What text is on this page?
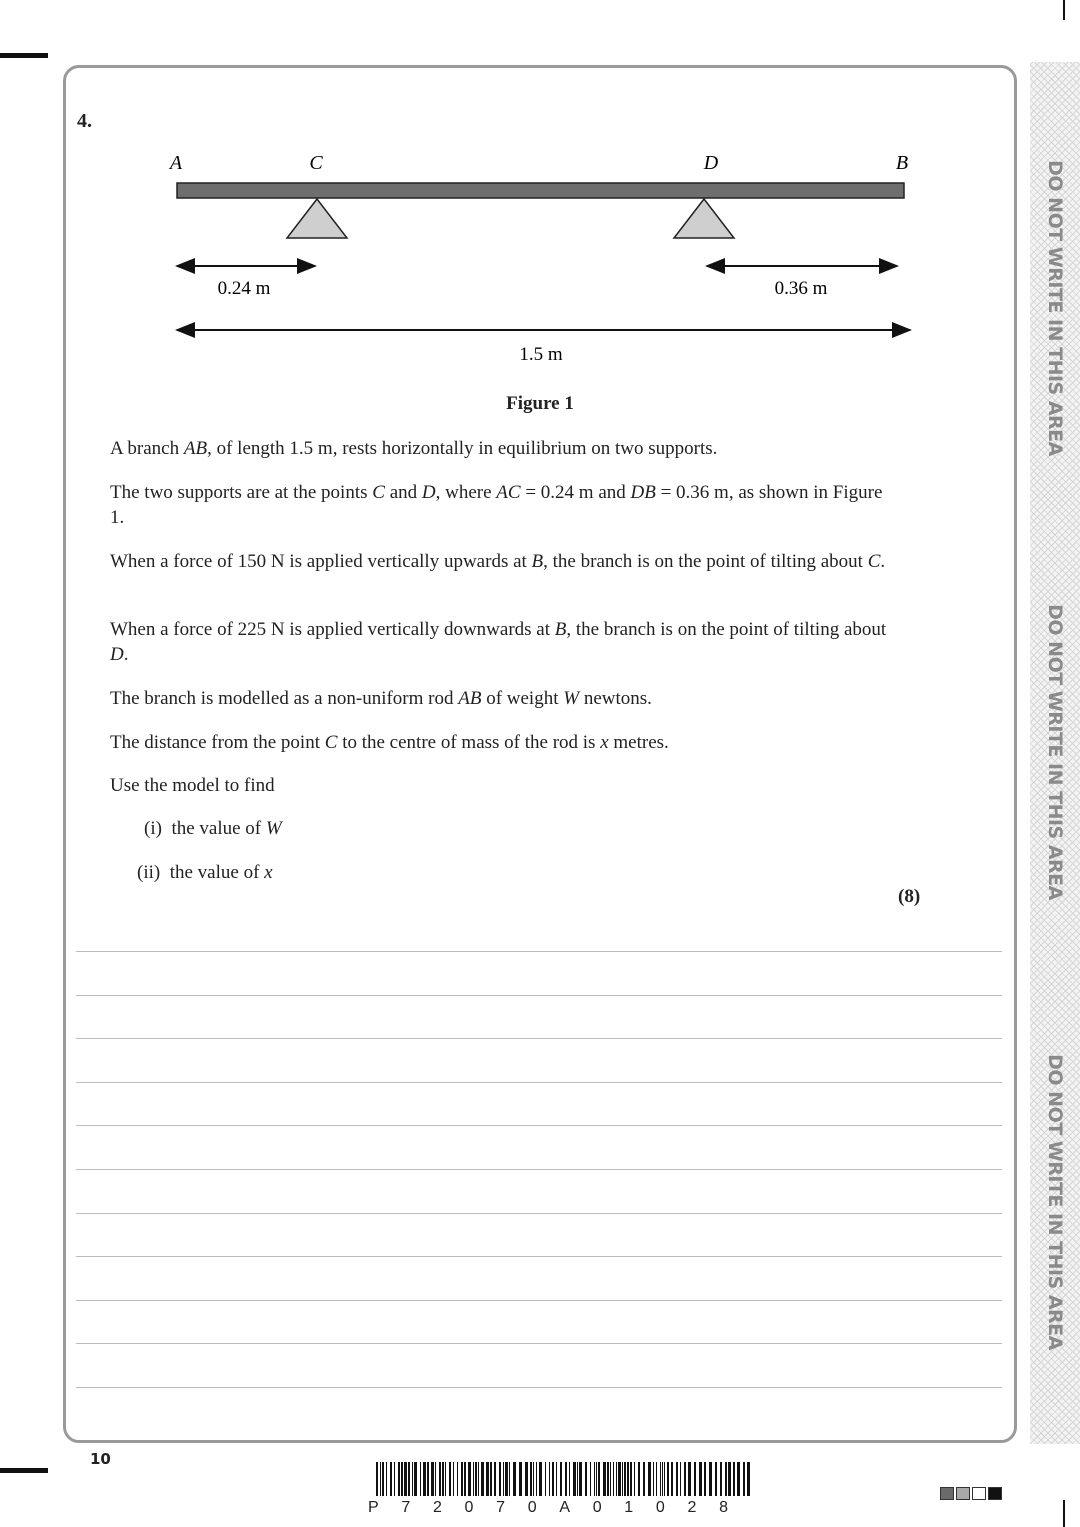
DO NOT WRITE IN THIS AREA
DO NOT WRITE IN THIS AREA
DO NOT WRITE IN THIS AREA
4.
A	C	D	B
0.24 m	0.36 m
1.5 m
Figure 1
A branch AB, of length 1.5 m, rests horizontally in equilibrium on two supports.
The two supports are at the points C and D, where AC = 0.24 m and DB = 0.36 m, as shown in Figure 1.
When a force of 150 N is applied vertically upwards at B, the branch is on the point of tilting about C.
When a force of 225 N is applied vertically downwards at B, the branch is on the point of tilting about D.
The branch is modelled as a non-uniform rod AB of weight W newtons.
The distance from the point C to the centre of mass of the rod is x metres.
Use the model to find
(i) the value of W
(ii) the value of x
(8)
10
P 7 2 0 7 0 A 0 1 0 2 8
